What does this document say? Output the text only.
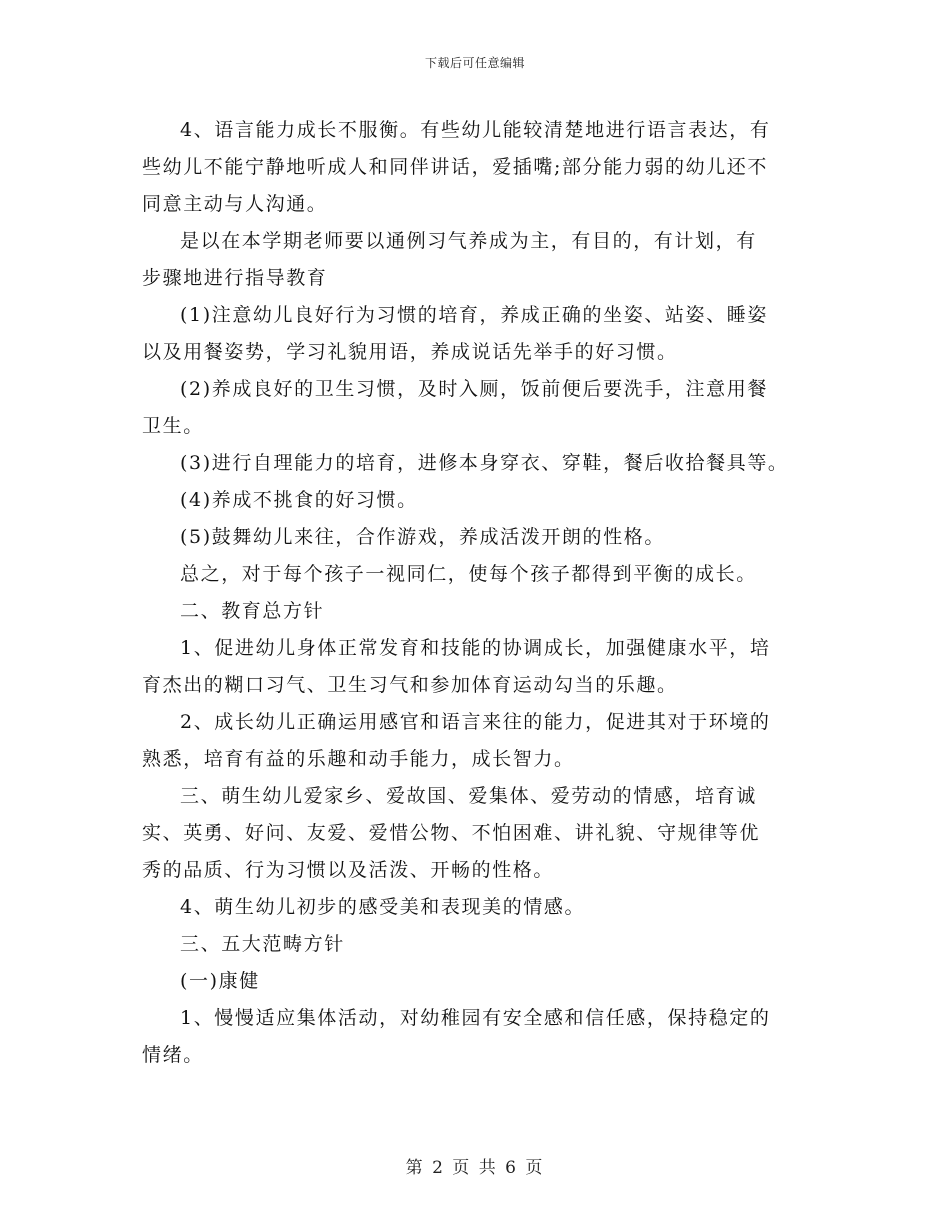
下载后可任意编辑

4、语言能力成长不服衡。有些幼儿能较清楚地进行语言表达，有
些幼儿不能宁静地听成人和同伴讲话，爱插嘴;部分能力弱的幼儿还不
同意主动与人沟通。

是以在本学期老师要以通例习气养成为主，有目的，有计划，有
步骤地进行指导教育

(1)注意幼儿良好行为习惯的培育，养成正确的坐姿、站姿、睡姿
以及用餐姿势，学习礼貌用语，养成说话先举手的好习惯。

(2)养成良好的卫生习惯，及时入厕，饭前便后要洗手，注意用餐
卫生。

(3)进行自理能力的培育，进修本身穿衣、穿鞋，餐后收拾餐具等。

(4)养成不挑食的好习惯。

(5)鼓舞幼儿来往，合作游戏，养成活泼开朗的性格。

总之，对于每个孩子一视同仁，使每个孩子都得到平衡的成长。

二、教育总方针

1、促进幼儿身体正常发育和技能的协调成长，加强健康水平，培
育杰出的糊口习气、卫生习气和参加体育运动勾当的乐趣。

2、成长幼儿正确运用感官和语言来往的能力，促进其对于环境的
熟悉，培育有益的乐趣和动手能力，成长智力。

三、萌生幼儿爱家乡、爱故国、爱集体、爱劳动的情感，培育诚
实、英勇、好问、友爱、爱惜公物、不怕困难、讲礼貌、守规律等优
秀的品质、行为习惯以及活泼、开畅的性格。

4、萌生幼儿初步的感受美和表现美的情感。

三、五大范畴方针

(一)康健

1、慢慢适应集体活动，对幼稚园有安全感和信任感，保持稳定的
情绪。

第 2 页 共 6 页
